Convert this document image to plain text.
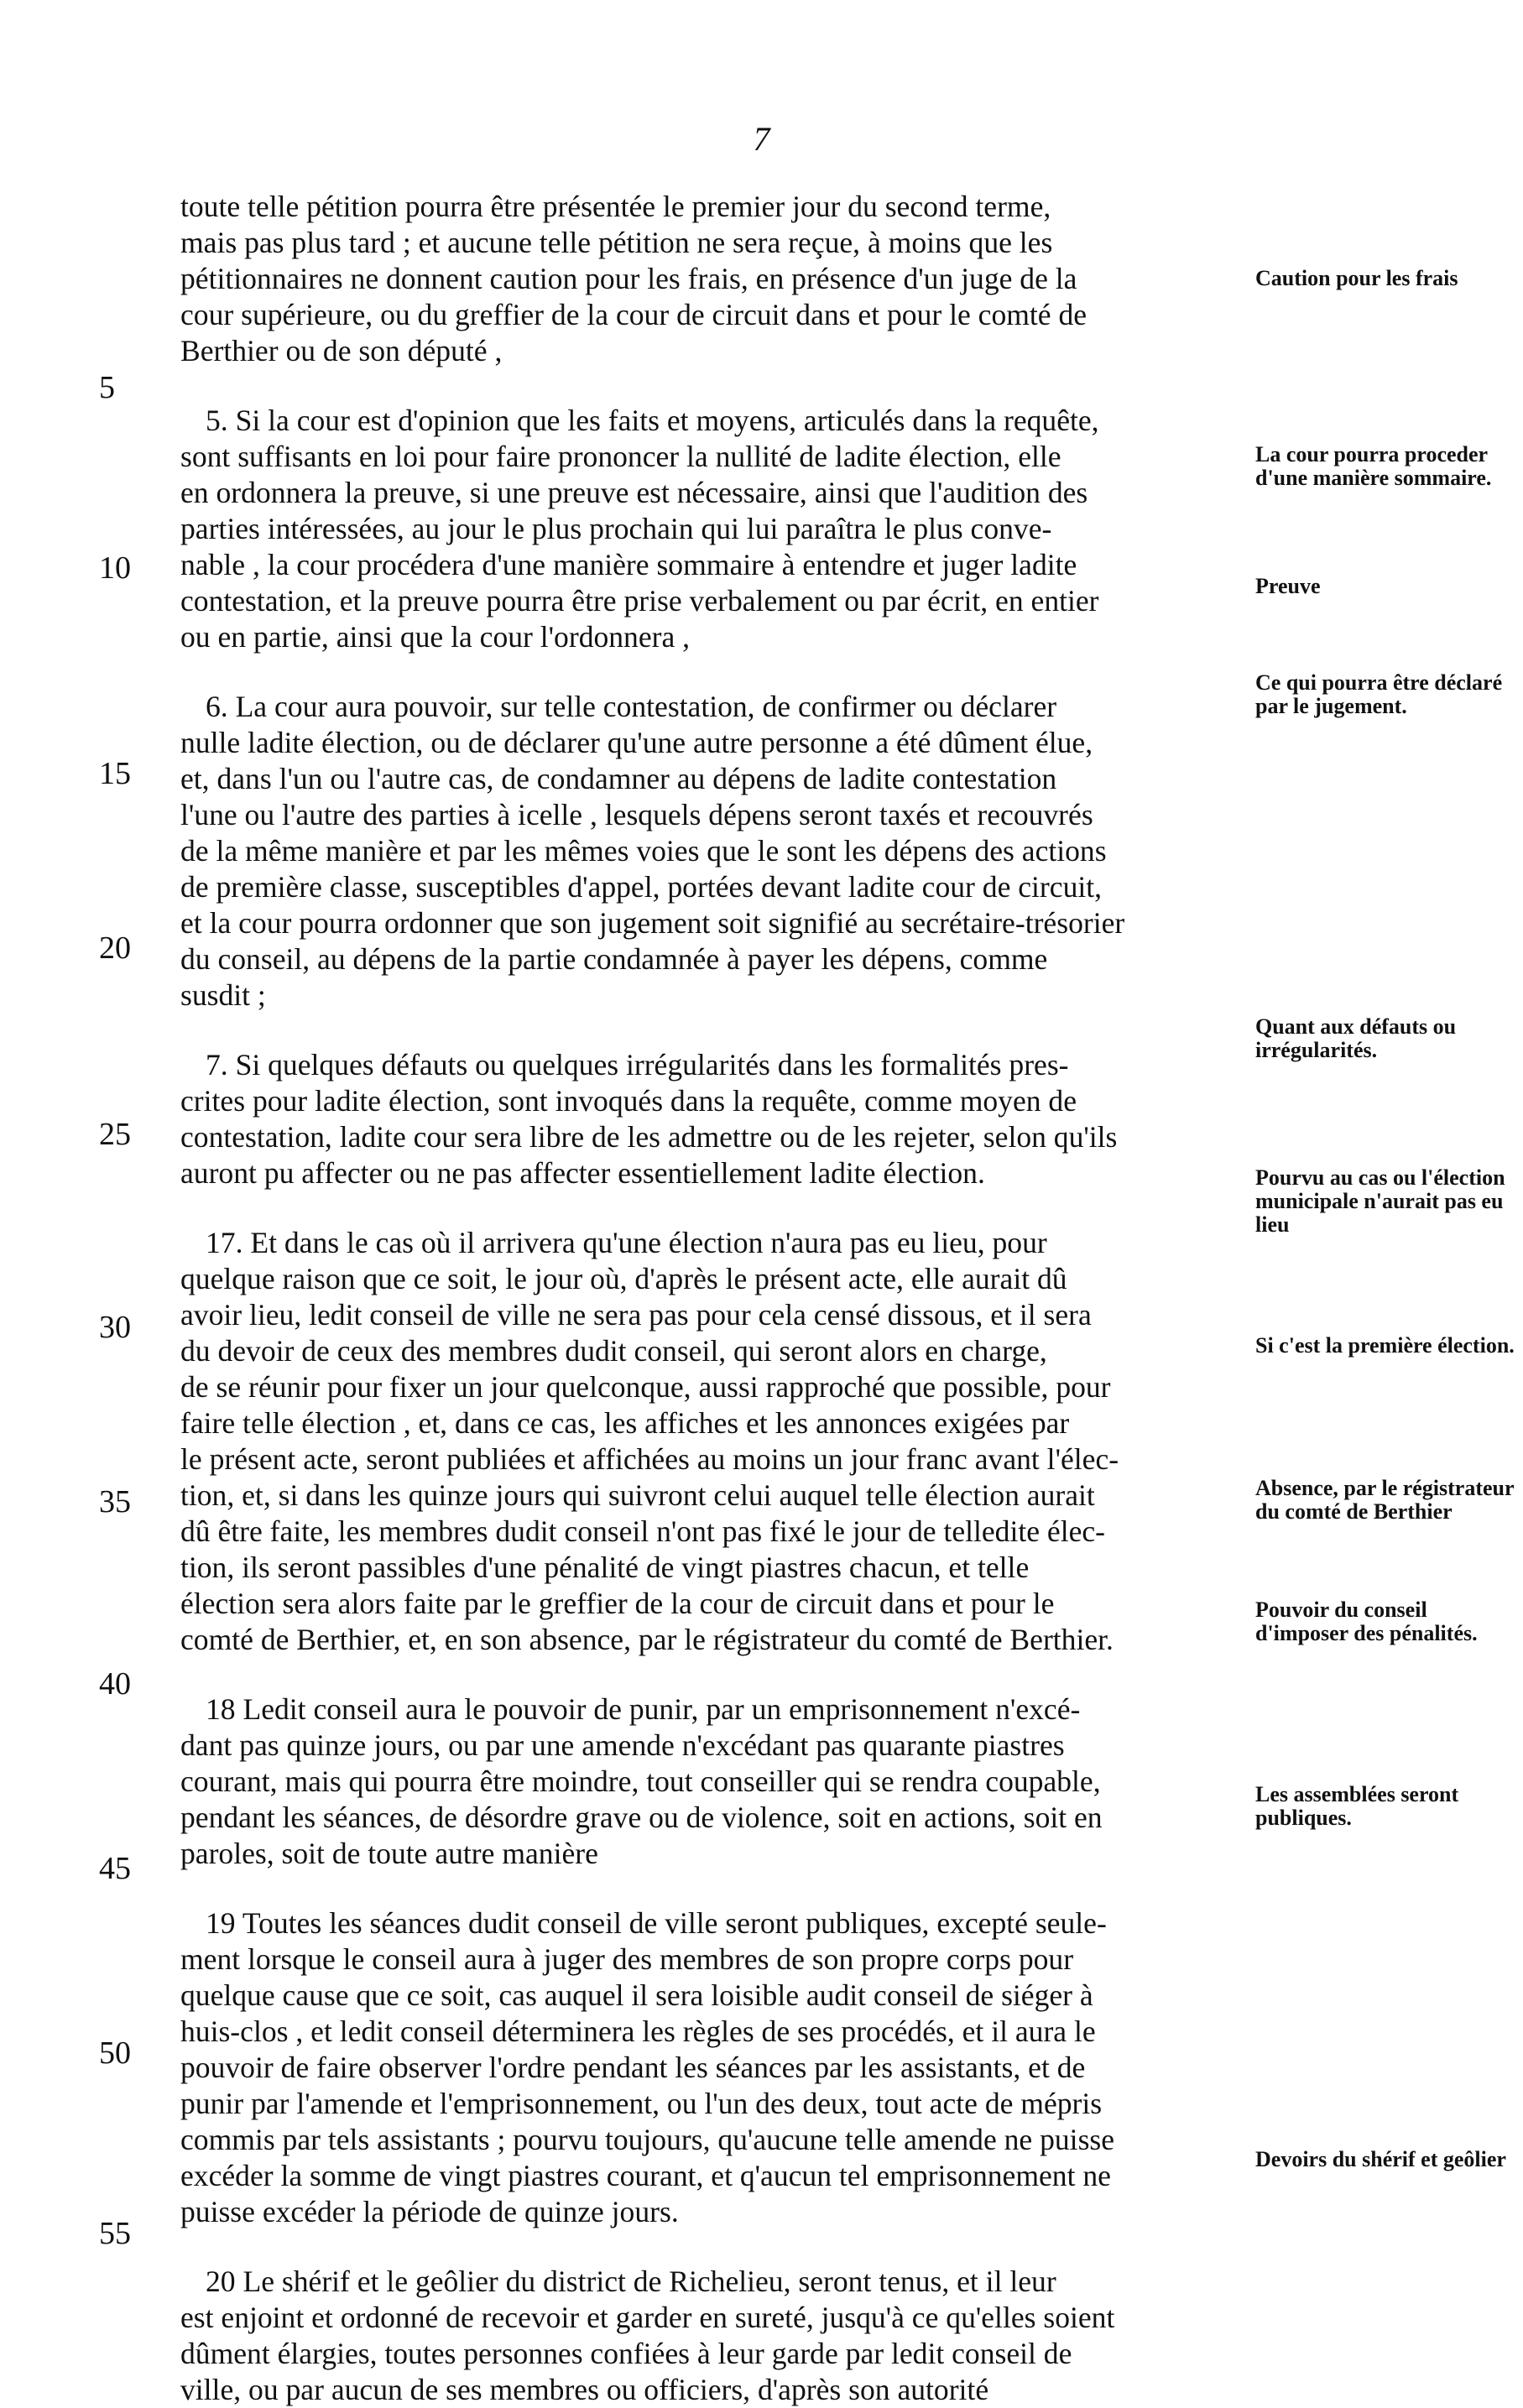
7
toute telle pétition pourra être présentée le premier jour du second terme,
mais pas plus tard ; et aucune telle pétition ne sera reçue, à moins que les
pétitionnaires ne donnent caution pour les frais, en présence d'un juge de la
cour supérieure, ou du greffier de la cour de circuit dans et pour le comté de
Berthier ou de son député ,
5. Si la cour est d'opinion que les faits et moyens, articulés dans la requête,
sont suffisants en loi pour faire prononcer la nullité de ladite élection, elle
en ordonnera la preuve, si une preuve est nécessaire, ainsi que l'audition des
parties intéressées, au jour le plus prochain qui lui paraîtra le plus conve-
nable , la cour procédera d'une manière sommaire à entendre et juger ladite
contestation, et la preuve pourra être prise verbalement ou par écrit, en entier
ou en partie, ainsi que la cour l'ordonnera ,
6. La cour aura pouvoir, sur telle contestation, de confirmer ou déclarer
nulle ladite élection, ou de déclarer qu'une autre personne a été dûment élue,
et, dans l'un ou l'autre cas, de condamner au dépens de ladite contestation
l'une ou l'autre des parties à icelle , lesquels dépens seront taxés et recouvrés
de la même manière et par les mêmes voies que le sont les dépens des actions
de première classe, susceptibles d'appel, portées devant ladite cour de circuit,
et la cour pourra ordonner que son jugement soit signifié au secrétaire-trésorier
du conseil, au dépens de la partie condamnée à payer les dépens, comme
susdit ;
7. Si quelques défauts ou quelques irrégularités dans les formalités pres-
crites pour ladite élection, sont invoqués dans la requête, comme moyen de
contestation, ladite cour sera libre de les admettre ou de les rejeter, selon qu'ils
auront pu affecter ou ne pas affecter essentiellement ladite élection.
17. Et dans le cas où il arrivera qu'une élection n'aura pas eu lieu, pour
quelque raison que ce soit, le jour où, d'après le présent acte, elle aurait dû
avoir lieu, ledit conseil de ville ne sera pas pour cela censé dissous, et il sera
du devoir de ceux des membres dudit conseil, qui seront alors en charge,
de se réunir pour fixer un jour quelconque, aussi rapproché que possible, pour
faire telle élection , et, dans ce cas, les affiches et les annonces exigées par
le présent acte, seront publiées et affichées au moins un jour franc avant l'élec-
tion, et, si dans les quinze jours qui suivront celui auquel telle élection aurait
dû être faite, les membres dudit conseil n'ont pas fixé le jour de telledite élec-
tion, ils seront passibles d'une pénalité de vingt piastres chacun, et telle
élection sera alors faite par le greffier de la cour de circuit dans et pour le
comté de Berthier, et, en son absence, par le régistrateur du comté de Berthier.
18 Ledit conseil aura le pouvoir de punir, par un emprisonnement n'excé-
dant pas quinze jours, ou par une amende n'excédant pas quarante piastres
courant, mais qui pourra être moindre, tout conseiller qui se rendra coupable,
pendant les séances, de désordre grave ou de violence, soit en actions, soit en
paroles, soit de toute autre manière
19 Toutes les séances dudit conseil de ville seront publiques, excepté seule-
ment lorsque le conseil aura à juger des membres de son propre corps pour
quelque cause que ce soit, cas auquel il sera loisible audit conseil de siéger à
huis-clos , et ledit conseil déterminera les règles de ses procédés, et il aura le
pouvoir de faire observer l'ordre pendant les séances par les assistants, et de
punir par l'amende et l'emprisonnement, ou l'un des deux, tout acte de mépris
commis par tels assistants ; pourvu toujours, qu'aucune telle amende ne puisse
excéder la somme de vingt piastres courant, et q'aucun tel emprisonnement ne
puisse excéder la période de quinze jours.
20 Le shérif et le geôlier du district de Richelieu, seront tenus, et il leur
est enjoint et ordonné de recevoir et garder en sureté, jusqu'à ce qu'elles soient
dûment élargies, toutes personnes confiées à leur garde par ledit conseil de
ville, ou par aucun de ses membres ou officiers, d'après son autorité
5
10
15
20
25
30
35
40
45
50
55
Caution pour les frais
La cour pourra proceder d'une manière sommaire.
Preuve
Ce qui pourra être déclaré par le jugement.
Quant aux défauts ou irrégularités.
Pourvu au cas ou l'élection municipale n'aurait pas eu lieu
Si c'est la première élection.
Absence, par le régistrateur du comté de Berthier
Pouvoir du conseil d'imposer des pénalités.
Les assemblées seront publiques.
Devoirs du shérif et geôlier
